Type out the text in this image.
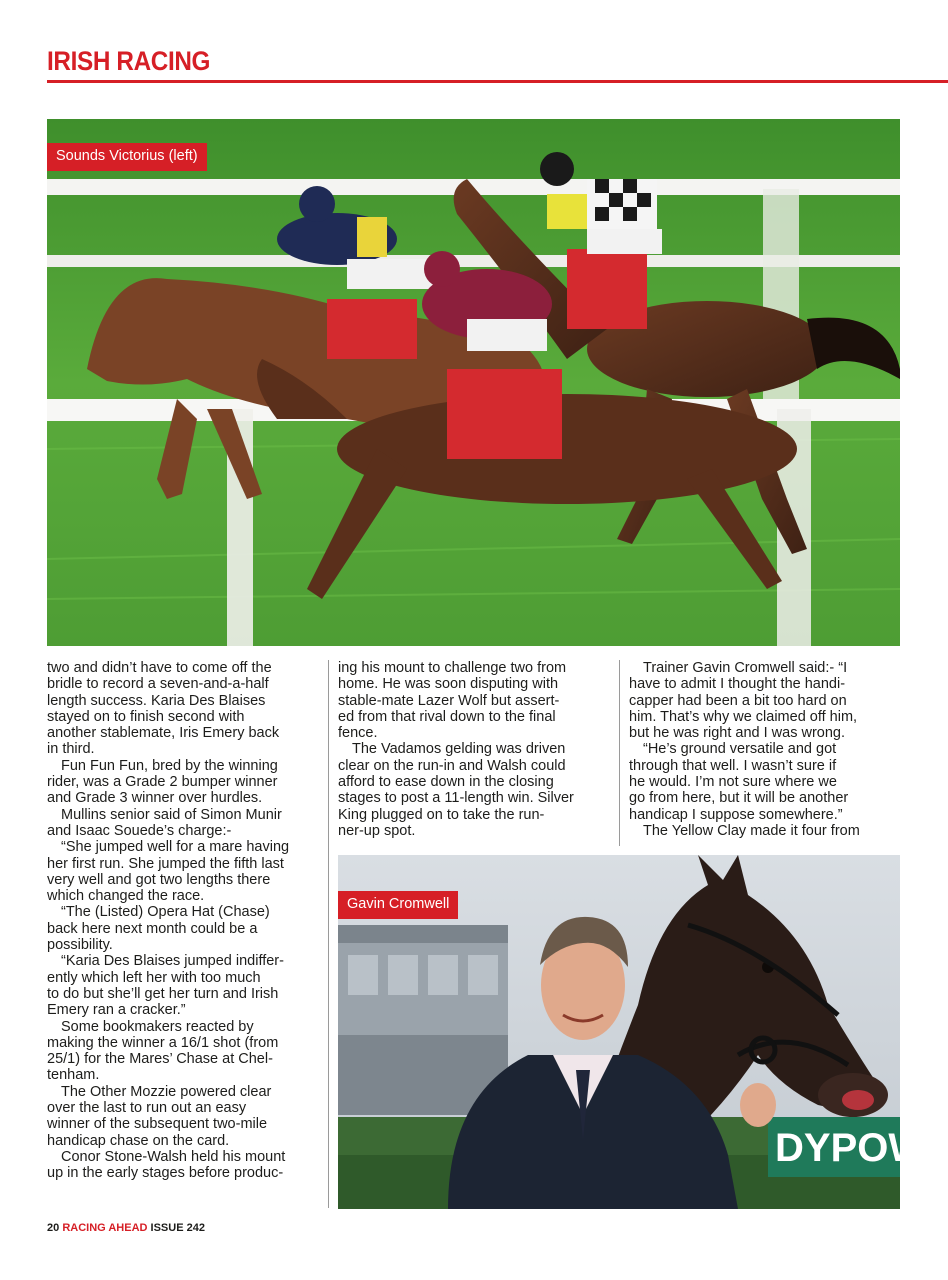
IRISH RACING
Sounds Victorius (left)
two and didn’t have to come off the
bridle to record a seven-and-a-half
length success. Karia Des Blaises
stayed on to finish second with
another stablemate, Iris Emery back
in third.
Fun Fun Fun, bred by the winning
rider, was a Grade 2 bumper winner
and Grade 3 winner over hurdles.
Mullins senior said of Simon Munir
and Isaac Souede’s charge:-
“She jumped well for a mare having
her first run. She jumped the fifth last
very well and got two lengths there
which changed the race.
“The (Listed) Opera Hat (Chase)
back here next month could be a
possibility.
“Karia Des Blaises jumped indiffer-
ently which left her with too much
to do but she’ll get her turn and Irish
Emery ran a cracker.”
Some bookmakers reacted by
making the winner a 16/1 shot (from
25/1) for the Mares’ Chase at Chel-
tenham.
The Other Mozzie powered clear
over the last to run out an easy
winner of the subsequent two-mile
handicap chase on the card.
Conor Stone-Walsh held his mount
up in the early stages before produc-
ing his mount to challenge two from
home. He was soon disputing with
stable-mate Lazer Wolf but assert-
ed from that rival down to the final
fence.
The Vadamos gelding was driven
clear on the run-in and Walsh could
afford to ease down in the closing
stages to post a 11-length win. Silver
King plugged on to take the run-
ner-up spot.
Trainer Gavin Cromwell said:- “I
have to admit I thought the handi-
capper had been a bit too hard on
him. That’s why we claimed off him,
but he was right and I was wrong.
“He’s ground versatile and got
through that well. I wasn’t sure if
he would. I’m not sure where we
go from here, but it will be another
handicap I suppose somewhere.”
The Yellow Clay made it four from
DYPOW
Gavin Cromwell
20 RACING AHEAD ISSUE 242
